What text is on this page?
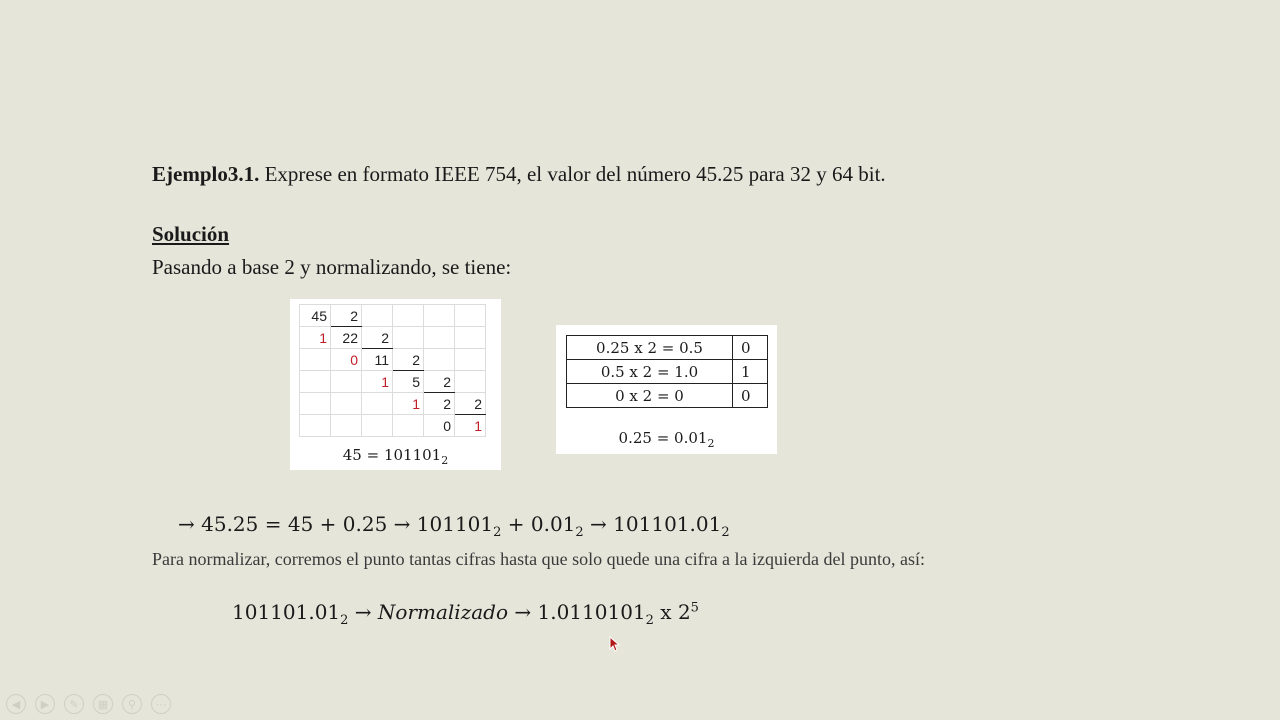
Ejemplo3.1. Exprese en formato IEEE 754, el valor del número 45.25 para 32 y 64 bit.
Solución
Pasando a base 2 y normalizando, se tiene:
45	2				
1	22	2			
	0	11	2		
		1	5	2	
			1	2	2
				0	1
$45 = 101101_2$
0.25 x 2 = 0.5	0
0.5 x 2 = 1.0	1
0 x 2 = 0	0
$0.25 = 0.01_2$
→ $45.25 = 45 + 0.25 \to 101101_2 + 0.01_2 \to 101101.01_2$
Para normalizar, corremos el punto tantas cifras hasta que solo quede una cifra a la izquierda del punto, así:
$101101.01_2$ → Normalizado → $1.0110101_2$ x $2^5$
◀	▶	✎	▦	⚲	⋯
